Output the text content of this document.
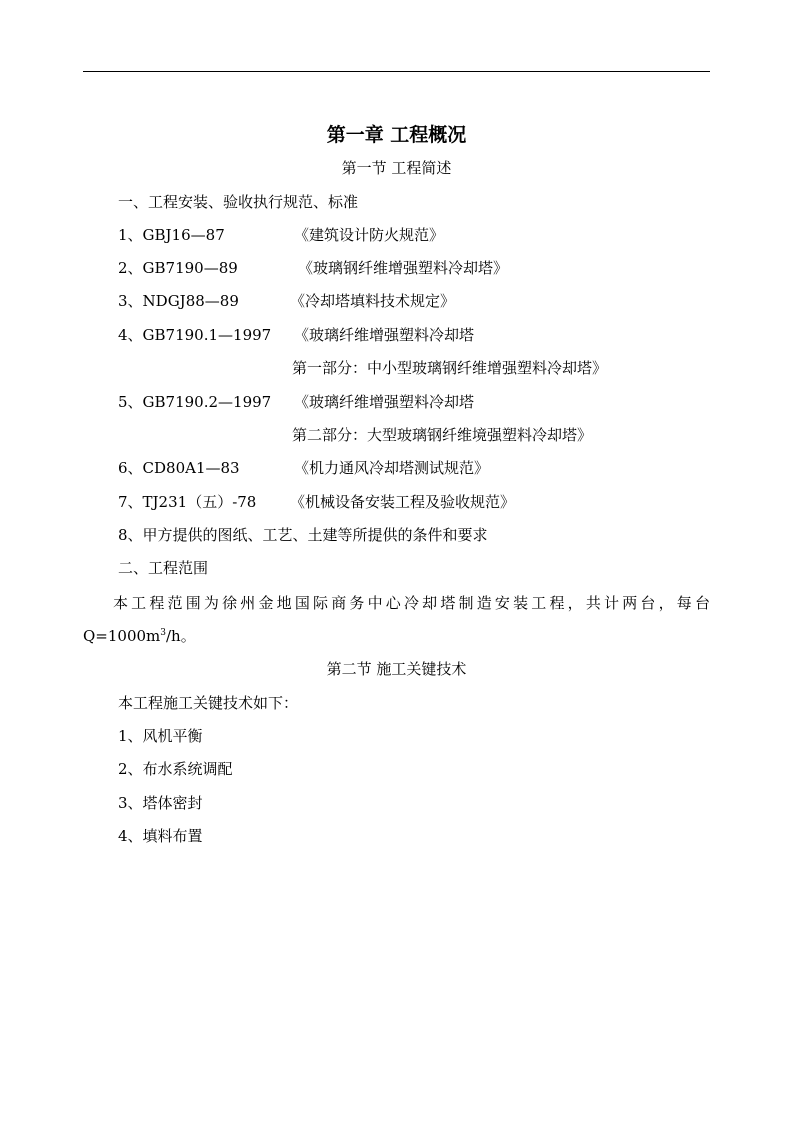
第一章 工程概况
第一节 工程简述
一、工程安装、验收执行规范、标准
1、GBJ16—87	《建筑设计防火规范》
2、GB7190—89	《玻璃钢纤维增强塑料冷却塔》
3、NDGJ88—89	《冷却塔填料技术规定》
4、GB7190.1—1997 《玻璃纤维增强塑料冷却塔
第一部分：中小型玻璃钢纤维增强塑料冷却塔》
5、GB7190.2—1997 《玻璃纤维增强塑料冷却塔
第二部分：大型玻璃钢纤维境强塑料冷却塔》
6、CD80A1—83	《机力通风冷却塔测试规范》
7、TJ231（五）-78 《机械设备安装工程及验收规范》
8、甲方提供的图纸、工艺、土建等所提供的条件和要求
二、工程范围
本工程范围为徐州金地国际商务中心冷却塔制造安装工程，共计两台，每台$Q=1000m^3/h$。
第二节 施工关键技术
本工程施工关键技术如下：
1、风机平衡
2、布水系统调配
3、塔体密封
4、填料布置
